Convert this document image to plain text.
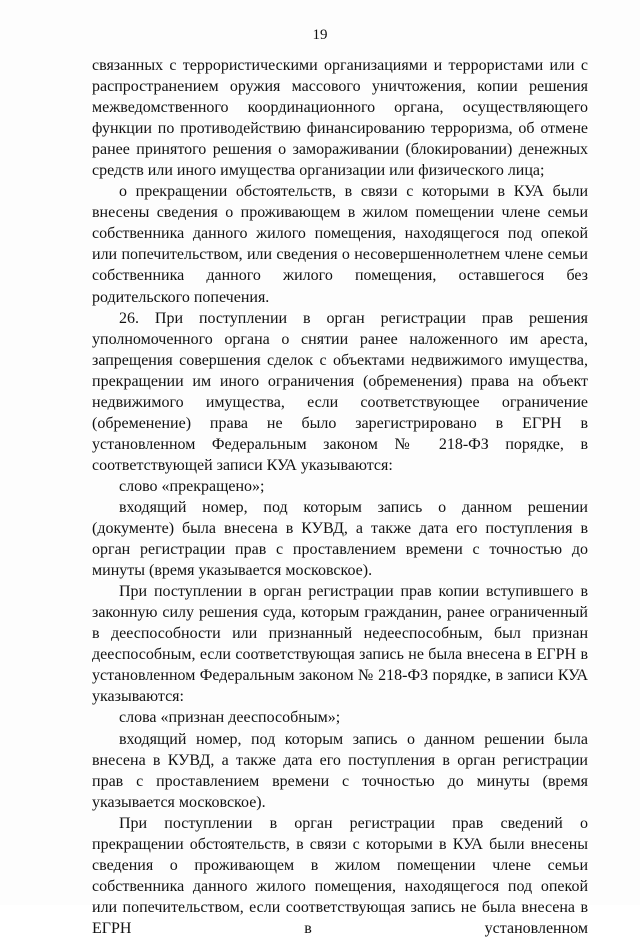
19

связанных с террористическими организациями и террористами или с распространением оружия массового уничтожения, копии решения межведомственного координационного органа, осуществляющего функции по противодействию финансированию терроризма, об отмене ранее принятого решения о замораживании (блокировании) денежных средств или иного имущества организации или физического лица;

о прекращении обстоятельств, в связи с которыми в КУА были внесены сведения о проживающем в жилом помещении члене семьи собственника данного жилого помещения, находящегося под опекой или попечительством, или сведения о несовершеннолетнем члене семьи собственника данного жилого помещения, оставшегося без родительского попечения.

26. При поступлении в орган регистрации прав решения уполномоченного органа о снятии ранее наложенного им ареста, запрещения совершения сделок с объектами недвижимого имущества, прекращении им иного ограничения (обременения) права на объект недвижимого имущества, если соответствующее ограничение (обременение) права не было зарегистрировано в ЕГРН в установленном Федеральным законом № 218-ФЗ порядке, в соответствующей записи КУА указываются:

слово «прекращено»;

входящий номер, под которым запись о данном решении (документе) была внесена в КУВД, а также дата его поступления в орган регистрации прав с проставлением времени с точностью до минуты (время указывается московское).

При поступлении в орган регистрации прав копии вступившего в законную силу решения суда, которым гражданин, ранее ограниченный в дееспособности или признанный недееспособным, был признан дееспособным, если соответствующая запись не была внесена в ЕГРН в установленном Федеральным законом № 218-ФЗ порядке, в записи КУА указываются:

слова «признан дееспособным»;

входящий номер, под которым запись о данном решении была внесена в КУВД, а также дата его поступления в орган регистрации прав с проставлением времени с точностью до минуты (время указывается московское).

При поступлении в орган регистрации прав сведений о прекращении обстоятельств, в связи с которыми в КУА были внесены сведения о проживающем в жилом помещении члене семьи собственника данного жилого помещения, находящегося под опекой или попечительством, если соответствующая запись не была внесена в ЕГРН в установленном
